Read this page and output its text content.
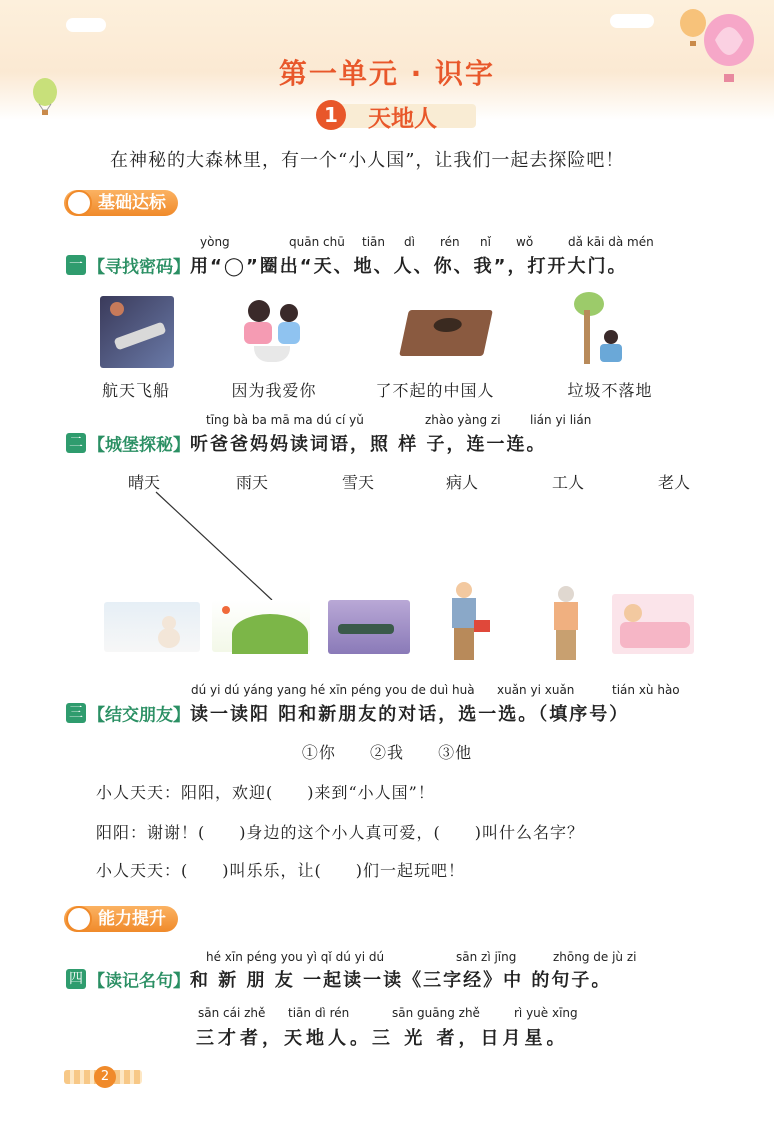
第一单元 · 识字
1	天地人
在神秘的大森林里，有一个“小人国”，让我们一起去探险吧！
基础达标
yòng	quān chū tiān dì rén nǐ wǒ	dǎ kāi dà mén
一 【寻找密码】用“◯”圈出“天、地、人、你、我”，打开大门。
航天飞船	因为我爱你	了不起的中国人	垃圾不落地
tīng bà ba mā ma dú cí yǔ	zhào yàng zi lián yi lián
二 【城堡探秘】听爸爸妈妈读词语，照 样 子，连一连。
晴天	雨天	雪天	病人	工人	老人
dú yi dú yáng yang hé xīn péng you de duì huà xuǎn yi xuǎn	tián xù hào
三 【结交朋友】读一读阳 阳和新朋友的对话，选一选。（填序号）
①你 ②我 ③他
小人天天：阳阳，欢迎(　　)来到“小人国”！
阳阳：谢谢！(　　)身边的这个小人真可爱，(　　)叫什么名字？
小人天天：(　　)叫乐乐，让(　　)们一起玩吧！
能力提升
hé xīn péng you yì qǐ dú yi dú	sān zì jīng	zhōng de jù zi
四 【读记名句】和 新 朋 友 一起读一读《三字经》中 的句子。
sān cái zhě tiān dì rén	sān guāng zhě	rì yuè xīng
三才者，天地人。三 光 者，日月星。
2
